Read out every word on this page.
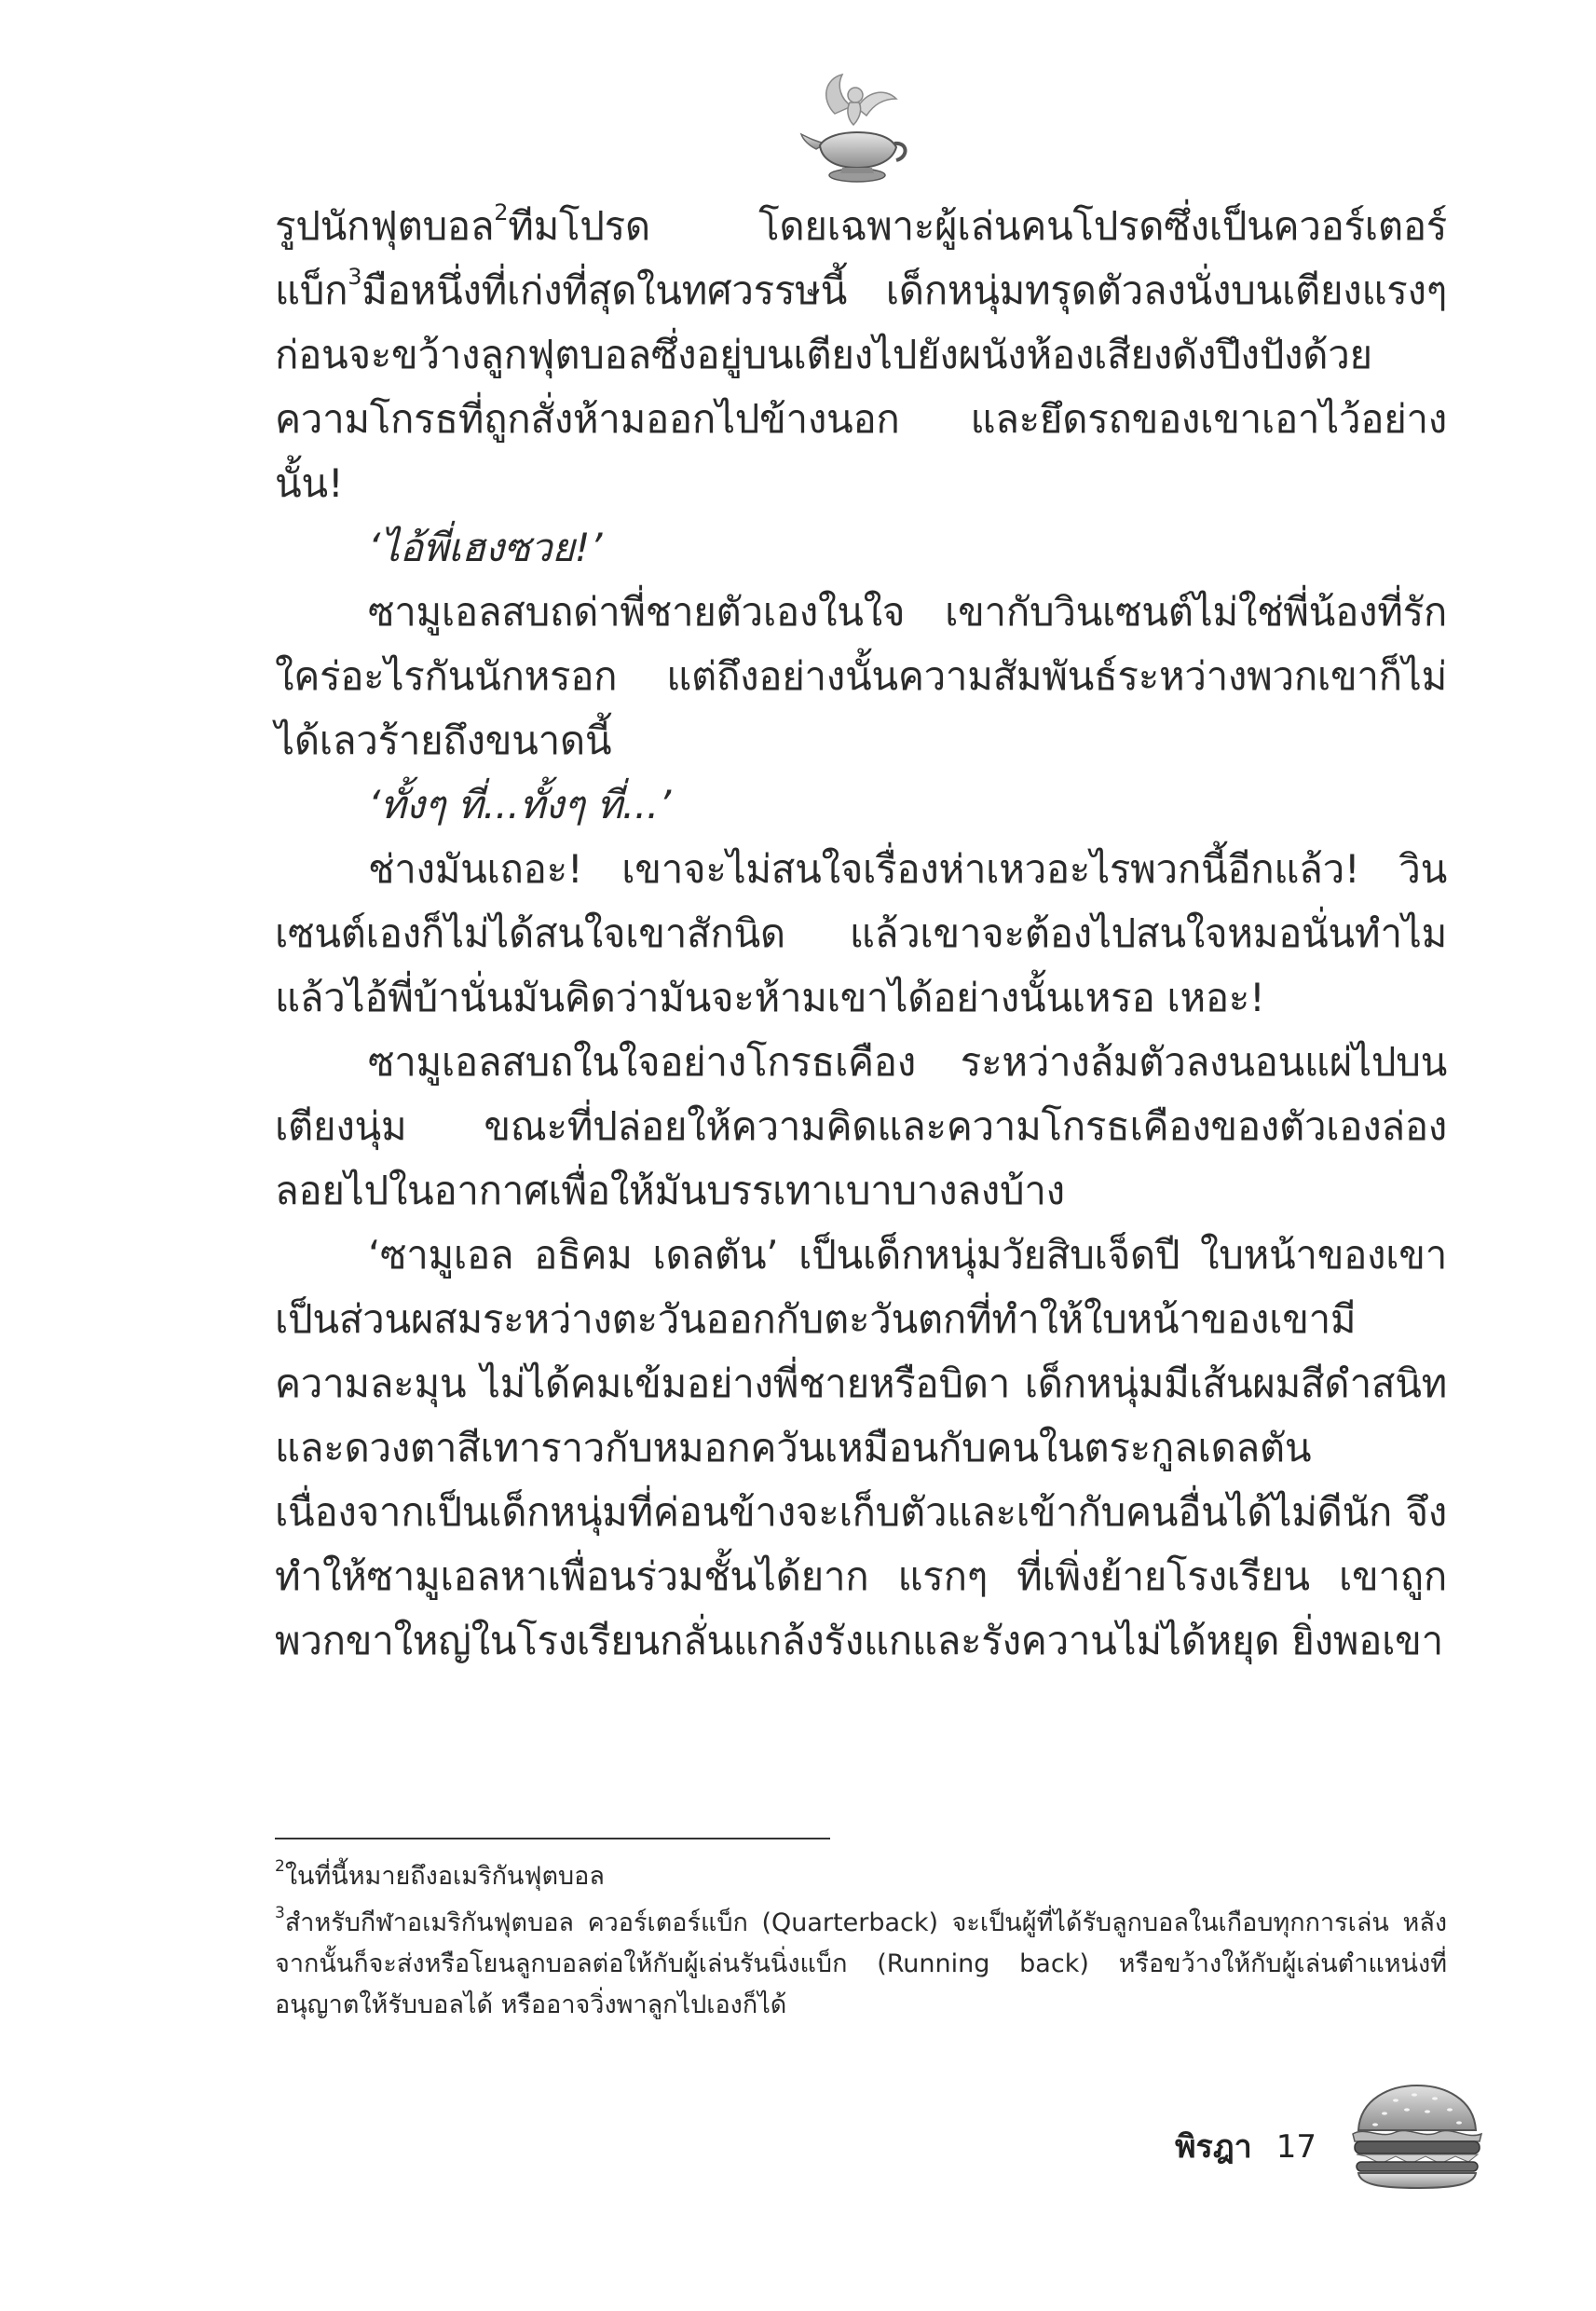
รูปนักฟุตบอล$^2$ทีมโปรด โดยเฉพาะผู้เล่นคนโปรดซึ่งเป็นควอร์เตอร์แบ็ก$^3$มือหนึ่งที่เก่งที่สุดในทศวรรษนี้ เด็กหนุ่มทรุดตัวลงนั่งบนเตียงแรงๆ ก่อนจะขว้างลูกฟุตบอลซึ่งอยู่บนเตียงไปยังผนังห้องเสียงดังปึงปังด้วยความโกรธที่ถูกสั่งห้ามออกไปข้างนอก และยึดรถของเขาเอาไว้อย่างนั้น!

‘ไอ้พี่เฮงซวย!’

ซามูเอลสบถด่าพี่ชายตัวเองในใจ เขากับวินเซนต์ไม่ใช่พี่น้องที่รักใคร่อะไรกันนักหรอก แต่ถึงอย่างนั้นความสัมพันธ์ระหว่างพวกเขาก็ไม่ได้เลวร้ายถึงขนาดนี้

‘ทั้งๆ ที่...ทั้งๆ ที่...’

ช่างมันเถอะ! เขาจะไม่สนใจเรื่องห่าเหวอะไรพวกนี้อีกแล้ว! วินเซนต์เองก็ไม่ได้สนใจเขาสักนิด แล้วเขาจะต้องไปสนใจหมอนั่นทำไม แล้วไอ้พี่บ้านั่นมันคิดว่ามันจะห้ามเขาได้อย่างนั้นเหรอ เหอะ!

ซามูเอลสบถในใจอย่างโกรธเคือง ระหว่างล้มตัวลงนอนแผ่ไปบนเตียงนุ่ม ขณะที่ปล่อยให้ความคิดและความโกรธเคืองของตัวเองล่องลอยไปในอากาศเพื่อให้มันบรรเทาเบาบางลงบ้าง

‘ซามูเอล อธิคม เดลตัน’ เป็นเด็กหนุ่มวัยสิบเจ็ดปี ใบหน้าของเขาเป็นส่วนผสมระหว่างตะวันออกกับตะวันตกที่ทำให้ใบหน้าของเขามีความละมุน ไม่ได้คมเข้มอย่างพี่ชายหรือบิดา เด็กหนุ่มมีเส้นผมสีดำสนิทและดวงตาสีเทาราวกับหมอกควันเหมือนกับคนในตระกูลเดลตัน เนื่องจากเป็นเด็กหนุ่มที่ค่อนข้างจะเก็บตัวและเข้ากับคนอื่นได้ไม่ดีนัก จึงทำให้ซามูเอลหาเพื่อนร่วมชั้นได้ยาก แรกๆ ที่เพิ่งย้ายโรงเรียน เขาถูกพวกขาใหญ่ในโรงเรียนกลั่นแกล้งรังแกและรังควานไม่ได้หยุด ยิ่งพอเขา

$^2$ในที่นี้หมายถึงอเมริกันฟุตบอล

$^3$สำหรับกีฬาอเมริกันฟุตบอล ควอร์เตอร์แบ็ก (Quarterback) จะเป็นผู้ที่ได้รับลูกบอลในเกือบทุกการเล่น หลังจากนั้นก็จะส่งหรือโยนลูกบอลต่อให้กับผู้เล่นรันนิ่งแบ็ก (Running back) หรือขว้างให้กับผู้เล่นตำแหน่งที่อนุญาตให้รับบอลได้ หรืออาจวิ่งพาลูกไปเองก็ได้

พิรฎา 17
